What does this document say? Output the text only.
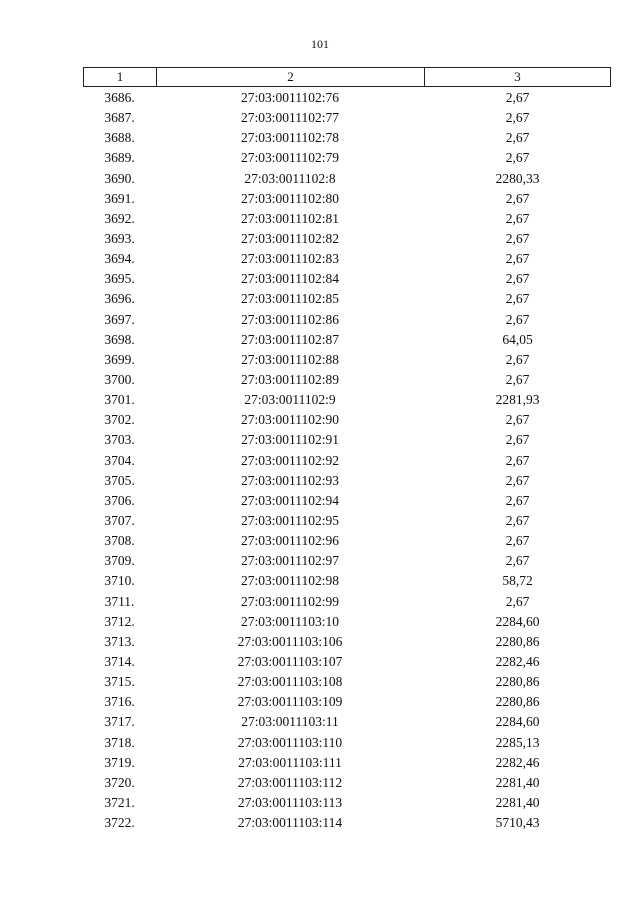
101
1	2	3
3686.	27:03:0011102:76	2,67
3687.	27:03:0011102:77	2,67
3688.	27:03:0011102:78	2,67
3689.	27:03:0011102:79	2,67
3690.	27:03:0011102:8	2280,33
3691.	27:03:0011102:80	2,67
3692.	27:03:0011102:81	2,67
3693.	27:03:0011102:82	2,67
3694.	27:03:0011102:83	2,67
3695.	27:03:0011102:84	2,67
3696.	27:03:0011102:85	2,67
3697.	27:03:0011102:86	2,67
3698.	27:03:0011102:87	64,05
3699.	27:03:0011102:88	2,67
3700.	27:03:0011102:89	2,67
3701.	27:03:0011102:9	2281,93
3702.	27:03:0011102:90	2,67
3703.	27:03:0011102:91	2,67
3704.	27:03:0011102:92	2,67
3705.	27:03:0011102:93	2,67
3706.	27:03:0011102:94	2,67
3707.	27:03:0011102:95	2,67
3708.	27:03:0011102:96	2,67
3709.	27:03:0011102:97	2,67
3710.	27:03:0011102:98	58,72
3711.	27:03:0011102:99	2,67
3712.	27:03:0011103:10	2284,60
3713.	27:03:0011103:106	2280,86
3714.	27:03:0011103:107	2282,46
3715.	27:03:0011103:108	2280,86
3716.	27:03:0011103:109	2280,86
3717.	27:03:0011103:11	2284,60
3718.	27:03:0011103:110	2285,13
3719.	27:03:0011103:111	2282,46
3720.	27:03:0011103:112	2281,40
3721.	27:03:0011103:113	2281,40
3722.	27:03:0011103:114	5710,43
